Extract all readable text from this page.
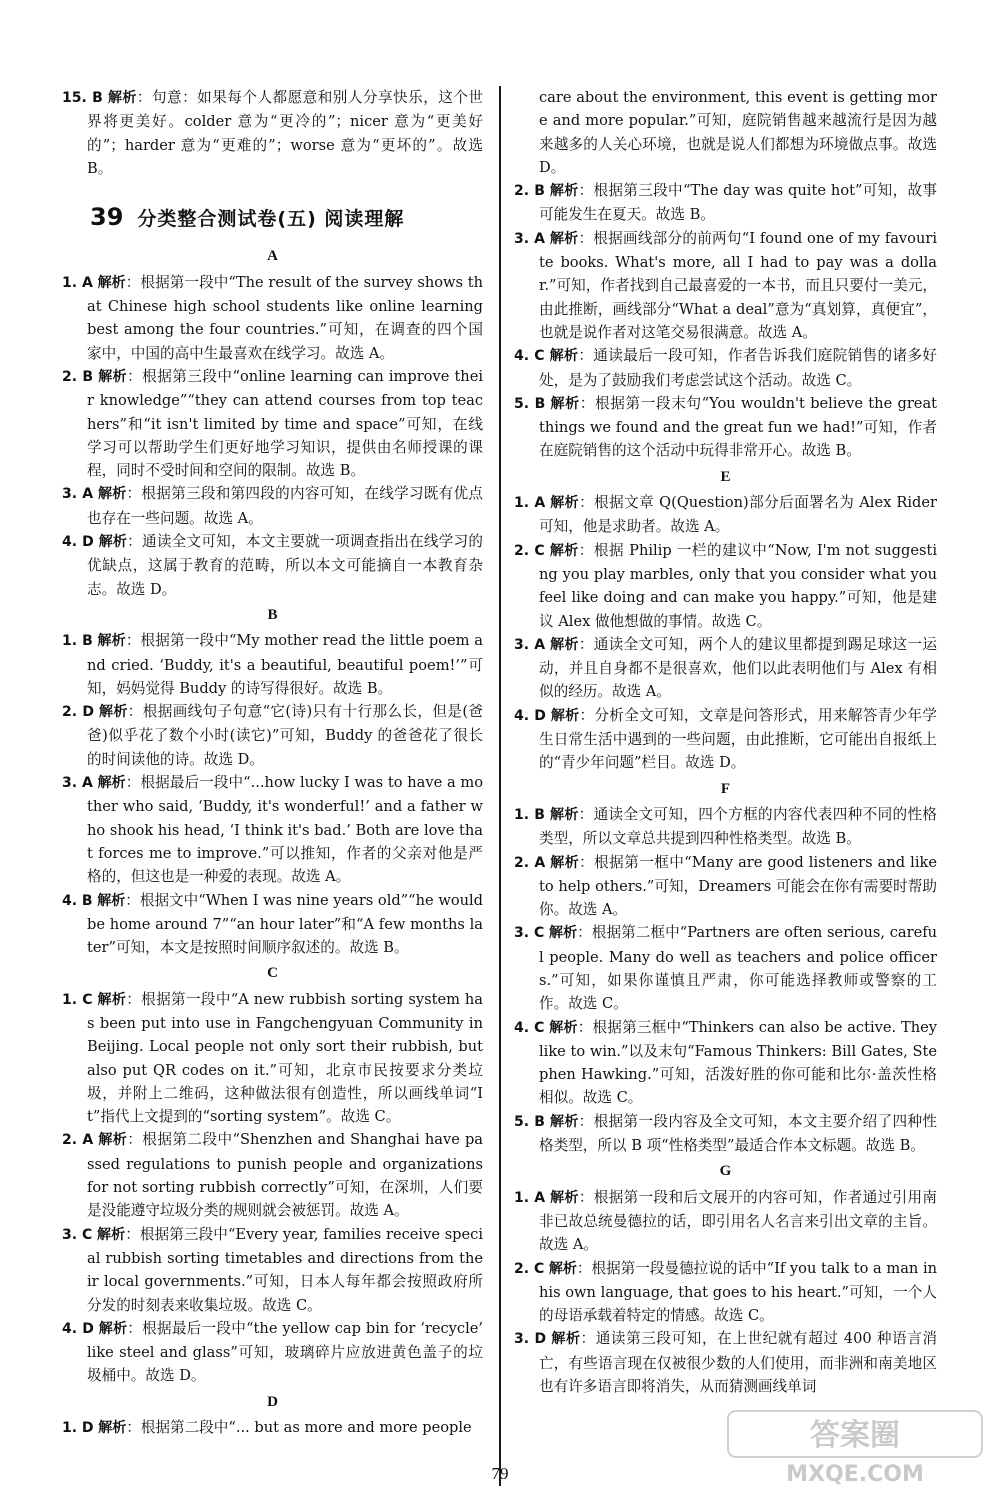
15. B 解析：句意：如果每个人都愿意和别人分享快乐，这个世界将更美好。colder 意为“更冷的”；nicer 意为“更美好的”；harder 意为“更难的”；worse 意为“更坏的”。故选 B。

39 分类整合测试卷(五) 阅读理解
A

1. A 解析：根据第一段中“The result of the survey shows that Chinese high school students like online learning best among the four countries.”可知，在调查的四个国家中，中国的高中生最喜欢在线学习。故选 A。

2. B 解析：根据第三段中“online learning can improve their knowledge”“they can attend courses from top teachers”和“it isn't limited by time and space”可知，在线学习可以帮助学生们更好地学习知识，提供由名师授课的课程，同时不受时间和空间的限制。故选 B。

3. A 解析：根据第三段和第四段的内容可知，在线学习既有优点也存在一些问题。故选 A。

4. D 解析：通读全文可知，本文主要就一项调查指出在线学习的优缺点，这属于教育的范畴，所以本文可能摘自一本教育杂志。故选 D。

B

1. B 解析：根据第一段中“My mother read the little poem and cried. ‘Buddy, it's a beautiful, beautiful poem!’”可知，妈妈觉得 Buddy 的诗写得很好。故选 B。

2. D 解析：根据画线句子句意“它(诗)只有十行那么长，但是(爸爸)似乎花了数个小时(读它)”可知，Buddy 的爸爸花了很长的时间读他的诗。故选 D。

3. A 解析：根据最后一段中“...how lucky I was to have a mother who said, ‘Buddy, it's wonderful!’ and a father who shook his head, ‘I think it's bad.’ Both are love that forces me to improve.”可以推知，作者的父亲对他是严格的，但这也是一种爱的表现。故选 A。

4. B 解析：根据文中“When I was nine years old”“he would be home around 7”“an hour later”和“A few months later”可知，本文是按照时间顺序叙述的。故选 B。

C

1. C 解析：根据第一段中“A new rubbish sorting system has been put into use in Fangchengyuan Community in Beijing. Local people not only sort their rubbish, but also put QR codes on it.”可知，北京市民按要求分类垃圾，并附上二维码，这种做法很有创造性，所以画线单词“It”指代上文提到的“sorting system”。故选 C。

2. A 解析：根据第二段中“Shenzhen and Shanghai have passed regulations to punish people and organizations for not sorting rubbish correctly”可知，在深圳，人们要是没能遵守垃圾分类的规则就会被惩罚。故选 A。

3. C 解析：根据第三段中“Every year, families receive special rubbish sorting timetables and directions from their local governments.”可知，日本人每年都会按照政府所分发的时刻表来收集垃圾。故选 C。

4. D 解析：根据最后一段中“the yellow cap bin for ‘recycle’ like steel and glass”可知，玻璃碎片应放进黄色盖子的垃圾桶中。故选 D。

D

1. D 解析：根据第二段中“... but as more and more people

care about the environment, this event is getting more and more popular.”可知，庭院销售越来越流行是因为越来越多的人关心环境，也就是说人们都想为环境做点事。故选 D。

2. B 解析：根据第三段中“The day was quite hot”可知，故事可能发生在夏天。故选 B。

3. A 解析：根据画线部分的前两句“I found one of my favourite books. What's more, all I had to pay was a dollar.”可知，作者找到自己最喜爱的一本书，而且只要付一美元，由此推断，画线部分“What a deal”意为“真划算，真便宜”，也就是说作者对这笔交易很满意。故选 A。

4. C 解析：通读最后一段可知，作者告诉我们庭院销售的诸多好处，是为了鼓励我们考虑尝试这个活动。故选 C。

5. B 解析：根据第一段末句“You wouldn't believe the great things we found and the great fun we had!”可知，作者在庭院销售的这个活动中玩得非常开心。故选 B。

E

1. A 解析：根据文章 Q(Question)部分后面署名为 Alex Rider 可知，他是求助者。故选 A。

2. C 解析：根据 Philip 一栏的建议中“Now, I'm not suggesting you play marbles, only that you consider what you feel like doing and can make you happy.”可知，他是建议 Alex 做他想做的事情。故选 C。

3. A 解析：通读全文可知，两个人的建议里都提到踢足球这一运动，并且自身都不是很喜欢，他们以此表明他们与 Alex 有相似的经历。故选 A。

4. D 解析：分析全文可知，文章是问答形式，用来解答青少年学生日常生活中遇到的一些问题，由此推断，它可能出自报纸上的“青少年问题”栏目。故选 D。

F

1. B 解析：通读全文可知，四个方框的内容代表四种不同的性格类型，所以文章总共提到四种性格类型。故选 B。

2. A 解析：根据第一框中“Many are good listeners and like to help others.”可知，Dreamers 可能会在你有需要时帮助你。故选 A。

3. C 解析：根据第二框中“Partners are often serious, careful people. Many do well as teachers and police officers.”可知，如果你谨慎且严肃，你可能选择教师或警察的工作。故选 C。

4. C 解析：根据第三框中“Thinkers can also be active. They like to win.”以及末句“Famous Thinkers: Bill Gates, Stephen Hawking.”可知，活泼好胜的你可能和比尔·盖茨性格相似。故选 C。

5. B 解析：根据第一段内容及全文可知，本文主要介绍了四种性格类型，所以 B 项“性格类型”最适合作本文标题。故选 B。

G

1. A 解析：根据第一段和后文展开的内容可知，作者通过引用南非已故总统曼德拉的话，即引用名人名言来引出文章的主旨。故选 A。

2. C 解析：根据第一段曼德拉说的话中“If you talk to a man in his own language, that goes to his heart.”可知，一个人的母语承载着特定的情感。故选 C。

3. D 解析：通读第三段可知，在上世纪就有超过 400 种语言消亡，有些语言现在仅被很少数的人们使用，而非洲和南美地区也有许多语言即将消失，从而猜测画线单词

79
答案圈
MXQE.COM
